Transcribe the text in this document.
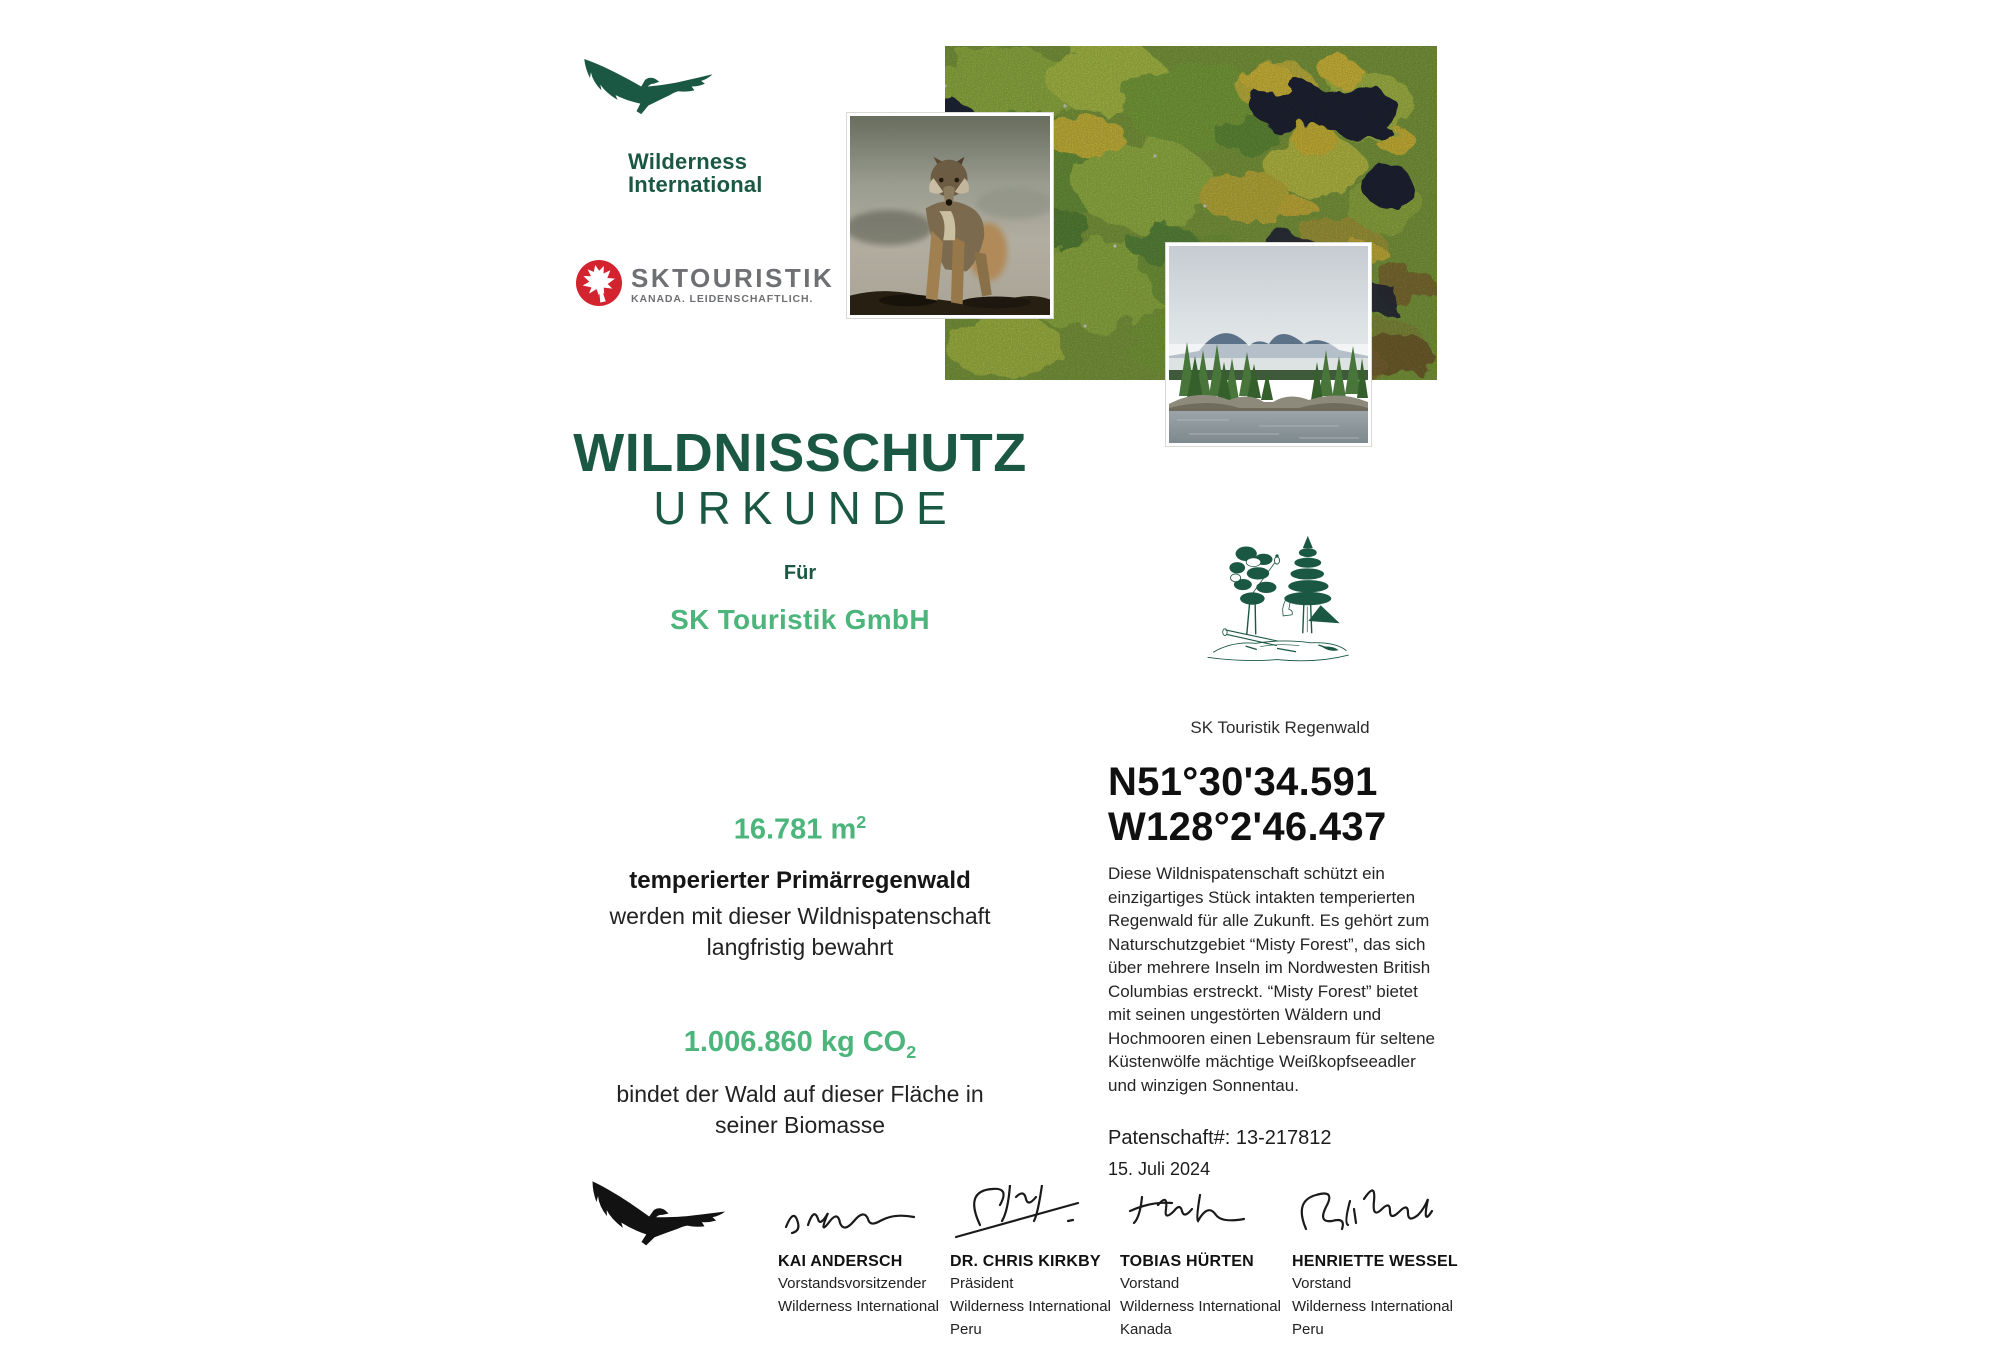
Wilderness
International
SKTOURISTIK
KANADA. LEIDENSCHAFTLICH.
WILDNISSCHUTZ
URKUNDE
Für
SK Touristik GmbH
SK Touristik Regenwald
16.781 $m^2$
temperierter Primärregenwald
werden mit dieser Wildnispatenschaft langfristig bewahrt
1.006.860 kg $CO_2$
bindet der Wald auf dieser Fläche in seiner Biomasse
N51°30'34.591
W128°2'46.437
Diese Wildnispatenschaft schützt ein einzigartiges Stück intakten temperierten Regenwald für alle Zukunft. Es gehört zum Naturschutzgebiet “Misty Forest”, das sich über mehrere Inseln im Nordwesten British Columbias erstreckt. “Misty Forest” bietet mit seinen ungestörten Wäldern und Hochmooren einen Lebensraum für seltene Küstenwölfe mächtige Weißkopfseeadler und winzigen Sonnentau.
Patenschaft#: 13-217812
15. Juli 2024
KAI ANDERSCH
Vorstandsvorsitzender
Wilderness International
DR. CHRIS KIRKBY
Präsident
Wilderness International
Peru
TOBIAS HÜRTEN
Vorstand
Wilderness International
Kanada
HENRIETTE WESSEL
Vorstand
Wilderness International
Peru
